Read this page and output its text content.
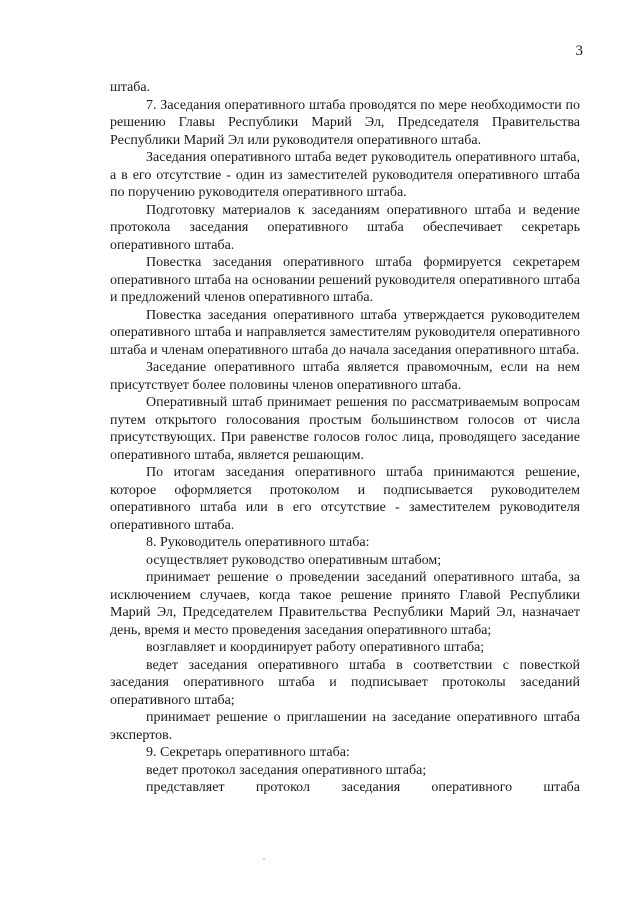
3

штаба.

7. Заседания оперативного штаба проводятся по мере необходимости по решению Главы Республики Марий Эл, Председателя Правительства Республики Марий Эл или руководителя оперативного штаба.

Заседания оперативного штаба ведет руководитель оперативного штаба, а в его отсутствие - один из заместителей руководителя оперативного штаба по поручению руководителя оперативного штаба.

Подготовку материалов к заседаниям оперативного штаба и ведение протокола заседания оперативного штаба обеспечивает секретарь оперативного штаба.

Повестка заседания оперативного штаба формируется секретарем оперативного штаба на основании решений руководителя оперативного штаба и предложений членов оперативного штаба.

Повестка заседания оперативного штаба утверждается руководителем оперативного штаба и направляется заместителям руководителя оперативного штаба и членам оперативного штаба до начала заседания оперативного штаба.

Заседание оперативного штаба является правомочным, если на нем присутствует более половины членов оперативного штаба.

Оперативный штаб принимает решения по рассматриваемым вопросам путем открытого голосования простым большинством голосов от числа присутствующих. При равенстве голосов голос лица, проводящего заседание оперативного штаба, является решающим.

По итогам заседания оперативного штаба принимаются решение, которое оформляется протоколом и подписывается руководителем оперативного штаба или в его отсутствие - заместителем руководителя оперативного штаба.

8. Руководитель оперативного штаба:

осуществляет руководство оперативным штабом;

принимает решение о проведении заседаний оперативного штаба, за исключением случаев, когда такое решение принято Главой Республики Марий Эл, Председателем Правительства Республики Марий Эл, назначает день, время и место проведения заседания оперативного штаба;

возглавляет и координирует работу оперативного штаба;

ведет заседания оперативного штаба в соответствии с повесткой заседания оперативного штаба и подписывает протоколы заседаний оперативного штаба;

принимает решение о приглашении на заседание оперативного штаба экспертов.

9. Секретарь оперативного штаба:

ведет протокол заседания оперативного штаба;

представляет протокол заседания оперативного штаба
